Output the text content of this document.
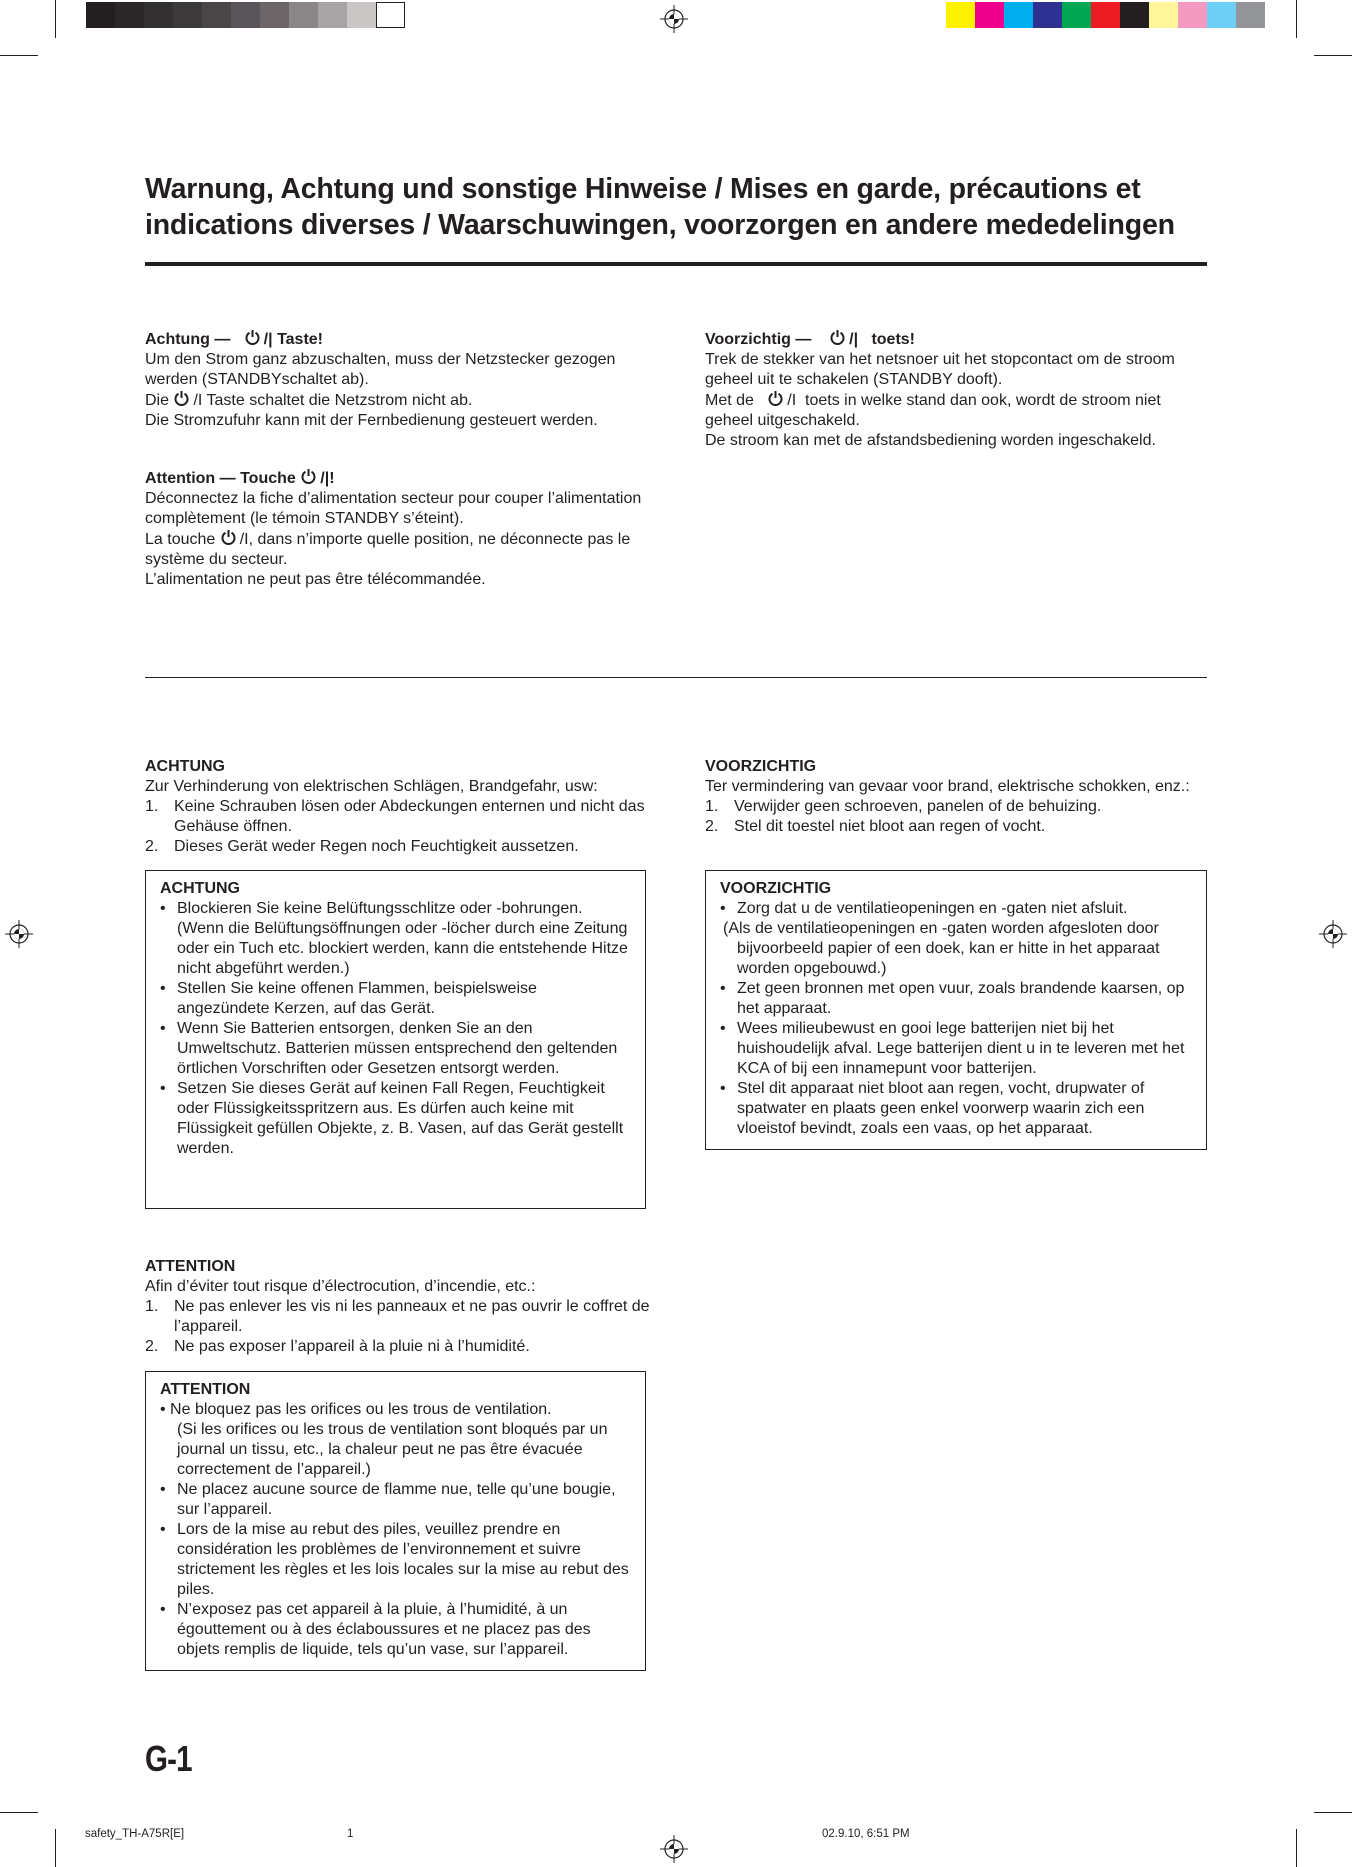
Warnung, Achtung und sonstige Hinweise / Mises en garde, précautions et indications diverses / Waarschuwingen, voorzorgen en andere mededelingen

Achtung — /| Taste!

Um den Strom ganz abzuschalten, muss der Netzstecker gezogen werden (STANDBYschaltet ab).

Die /I Taste schaltet die Netzstrom nicht ab.

Die Stromzufuhr kann mit der Fernbedienung gesteuert werden.

Attention — Touche /|!

Déconnectez la fiche d’alimentation secteur pour couper l’alimentation complètement (le témoin STANDBY s’éteint).

La touche /I, dans n’importe quelle position, ne déconnecte pas le système du secteur.

L’alimentation ne peut pas être télécommandée.

Voorzichtig — /| toets!

Trek de stekker van het netsnoer uit het stopcontact om de stroom geheel uit te schakelen (STANDBY dooft).

Met de /I  toets in welke stand dan ook, wordt de stroom niet geheel uitgeschakeld.

De stroom kan met de afstandsbediening worden ingeschakeld.

ACHTUNG

Zur Verhinderung von elektrischen Schlägen, Brandgefahr, usw:

1. Keine Schrauben lösen oder Abdeckungen enternen und nicht das Gehäuse öffnen.
2. Dieses Gerät weder Regen noch Feuchtigkeit aussetzen.
ACHTUNG
• Blockieren Sie keine Belüftungsschlitze oder -bohrungen. (Wenn die Belüftungsöffnungen oder -löcher durch eine Zeitung
oder ein Tuch etc. blockiert werden, kann die entstehende Hitze nicht abgeführt werden.)
• Stellen Sie keine offenen Flammen, beispielsweise angezündete Kerzen, auf das Gerät.
• Wenn Sie Batterien entsorgen, denken Sie an den Umweltschutz. Batterien müssen entsprechend den geltenden örtlichen Vorschriften oder Gesetzen entsorgt werden.
• Setzen Sie dieses Gerät auf keinen Fall Regen, Feuchtigkeit oder Flüssigkeitsspritzern aus. Es dürfen auch keine mit Flüssigkeit gefüllen Objekte, z. B. Vasen, auf das Gerät gestellt werden.

ATTENTION

Afin d’éviter tout risque d’électrocution, d’incendie, etc.:

1. Ne pas enlever les vis ni les panneaux et ne pas ouvrir le coffret de l’appareil.
2. Ne pas exposer l’appareil à la pluie ni à l’humidité.
ATTENTION
• Ne bloquez pas les orifices ou les trous de ventilation.
(Si les orifices ou les trous de ventilation sont bloqués par un journal un tissu, etc., la chaleur peut ne pas être évacuée correctement de l’appareil.)
• Ne placez aucune source de flamme nue, telle qu’une bougie, sur l’appareil.
• Lors de la mise au rebut des piles, veuillez prendre en considération les problèmes de l’environnement et suivre strictement les règles et les lois locales sur la mise au rebut des piles.
• N’exposez pas cet appareil à la pluie, à l’humidité, à un égouttement ou à des éclaboussures et ne placez pas des objets remplis de liquide, tels qu’un vase, sur l’appareil.

VOORZICHTIG

Ter vermindering van gevaar voor brand, elektrische schokken, enz.:

1. Verwijder geen schroeven, panelen of de behuizing.
2. Stel dit toestel niet bloot aan regen of vocht.
VOORZICHTIG
• Zorg dat u de ventilatieopeningen en -gaten niet afsluit.
(Als de ventilatieopeningen en -gaten worden afgesloten door bijvoorbeeld papier of een doek, kan er hitte in het apparaat worden opgebouwd.)
• Zet geen bronnen met open vuur, zoals brandende kaarsen, op het apparaat.
• Wees milieubewust en gooi lege batterijen niet bij het huishoudelijk afval. Lege batterijen dient u in te leveren met het KCA of bij een innamepunt voor batterijen.
• Stel dit apparaat niet bloot aan regen, vocht, drupwater of spatwater en plaats geen enkel voorwerp waarin zich een vloeistof bevindt, zoals een vaas, op het apparaat.
G-1
safety_TH-A75R[E]	1	02.9.10, 6:51 PM
